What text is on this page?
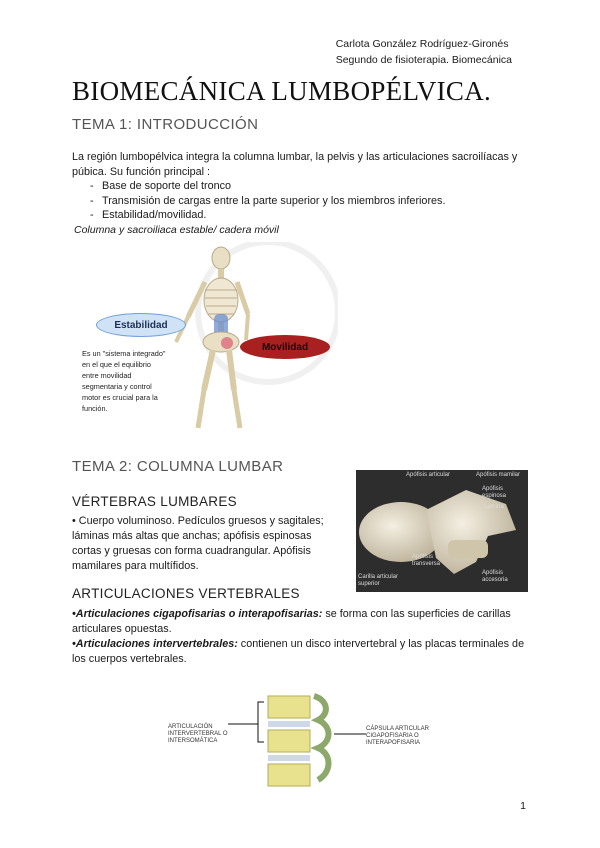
Carlota González Rodríguez-Gironés
Segundo de fisioterapia. Biomecánica
BIOMECÁNICA LUMBOPÉLVICA.
TEMA 1: INTRODUCCIÓN
La región lumbopélvica integra la columna lumbar, la pelvis y las articulaciones sacroilíacas y púbica. Su función principal :
- Base de soporte del tronco
- Transmisión de cargas entre la parte superior y los miembros inferiores.
- Estabilidad/movilidad.
Columna y sacroiliaca estable/ cadera móvil
Estabilidad
Movilidad
Es un "sistema integrado" en el que el equilibrio entre movilidad segmentaria y control motor es crucial para la función.
TEMA 2: COLUMNA LUMBAR
VÉRTEBRAS LUMBARES
• Cuerpo voluminoso. Pedículos gruesos y sagitales; láminas más altas que anchas; apófisis espinosas cortas y gruesas con forma cuadrangular. Apófisis mamilares para multífidos.
Apófisis articular	Apófisis mamilar
Lámina
Apófisis transversa
Carilla articular superior
Apófisis accesoria
Apófisis espinosa
ARTICULACIONES VERTEBRALES
•Articulaciones cigapofisarias o interapofisarias: se forma con las superficies de carillas articulares opuestas.
•Articulaciones intervertebrales: contienen un disco intervertebral y las placas terminales de los cuerpos vertebrales.
ARTICULACIÓN INTERVERTEBRAL O INTERSOMÁTICA
CÁPSULA ARTICULAR CIGAPOFISARIA O INTERAPOFISARIA
1
